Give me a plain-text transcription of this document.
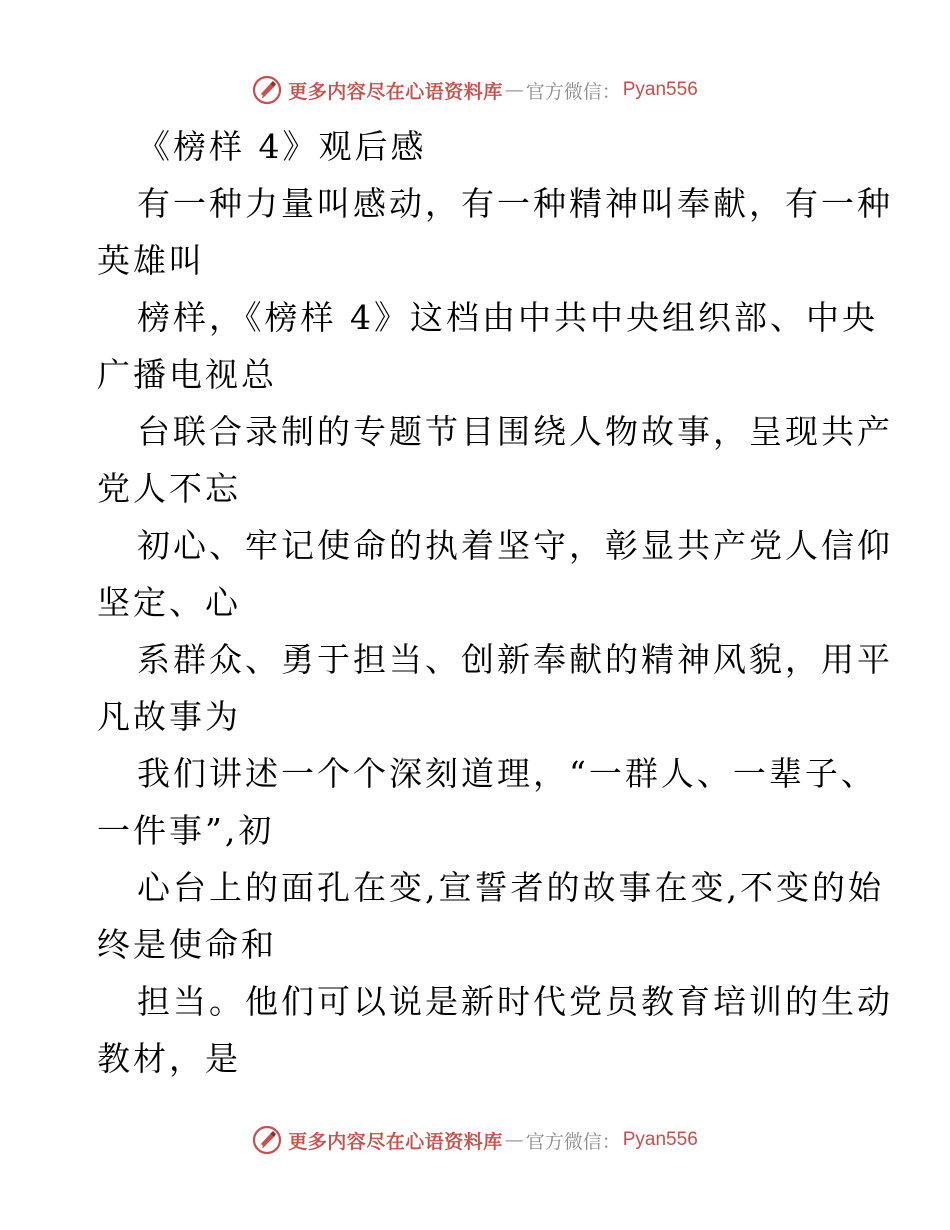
更多内容尽在心语资料库 — 官方微信： Pyan556
《榜样 4》观后感
有一种力量叫感动，有一种精神叫奉献，有一种
英雄叫
榜样，《榜样 4》这档由中共中央组织部、中央
广播电视总
台联合录制的专题节目围绕人物故事，呈现共产
党人不忘
初心、牢记使命的执着坚守，彰显共产党人信仰
坚定、心
系群众、勇于担当、创新奉献的精神风貌，用平
凡故事为
我们讲述一个个深刻道理，“一群人、一辈子、
一件事”,初
心台上的面孔在变,宣誓者的故事在变,不变的始
终是使命和
担当。他们可以说是新时代党员教育培训的生动
教材，是
更多内容尽在心语资料库 — 官方微信： Pyan556
